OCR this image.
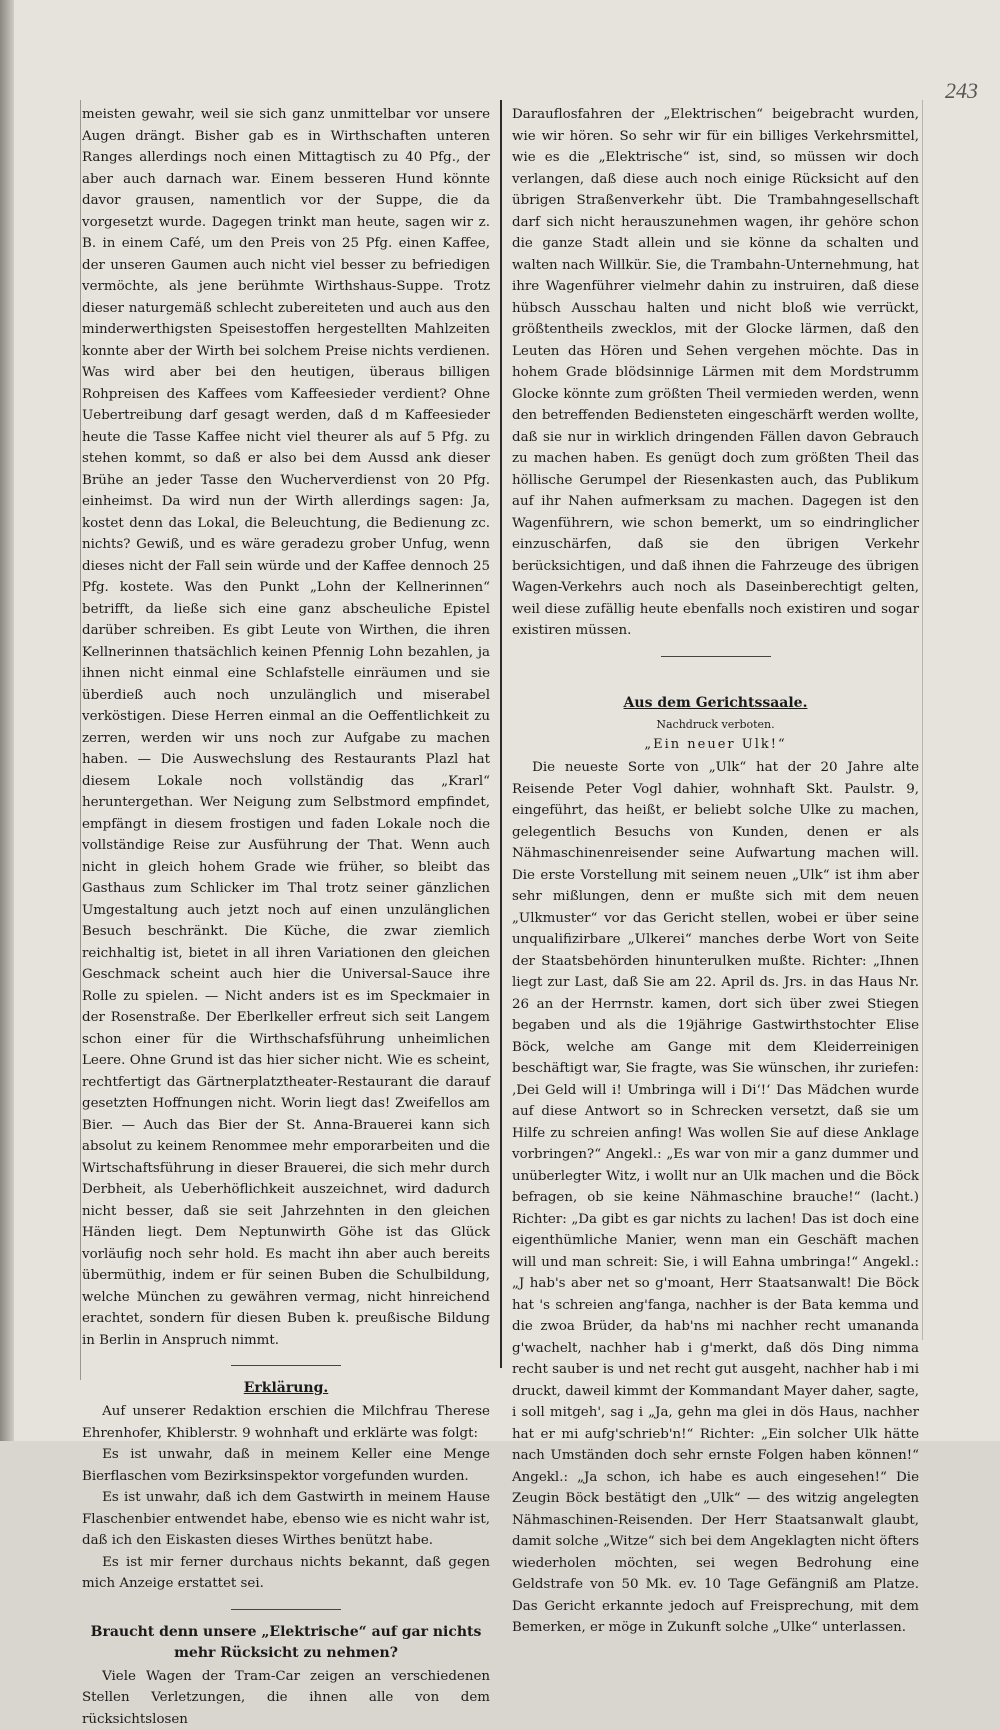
243

meisten gewahr, weil sie sich ganz unmittelbar vor unsere Augen drängt. Bisher gab es in Wirthschaften unteren Ranges allerdings noch einen Mittagtisch zu 40 Pfg., der aber auch darnach war. Einem besseren Hund könnte davor grausen, namentlich vor der Suppe, die da vorgesetzt wurde. Dagegen trinkt man heute, sagen wir z. B. in einem Café, um den Preis von 25 Pfg. einen Kaffee, der unseren Gaumen auch nicht viel besser zu befriedigen vermöchte, als jene berühmte Wirthshaus-Suppe. Trotz dieser naturgemäß schlecht zubereiteten und auch aus den minderwerthigsten Speisestoffen hergestellten Mahlzeiten konnte aber der Wirth bei solchem Preise nichts verdienen. Was wird aber bei den heutigen, überaus billigen Rohpreisen des Kaffees vom Kaffeesieder verdient? Ohne Uebertreibung darf gesagt werden, daß d m Kaffeesieder heute die Tasse Kaffee nicht viel theurer als auf 5 Pfg. zu stehen kommt, so daß er also bei dem Aussd ank dieser Brühe an jeder Tasse den Wucherverdienst von 20 Pfg. einheimst. Da wird nun der Wirth allerdings sagen: Ja, kostet denn das Lokal, die Beleuchtung, die Bedienung zc. nichts? Gewiß, und es wäre geradezu grober Unfug, wenn dieses nicht der Fall sein würde und der Kaffee dennoch 25 Pfg. kostete. Was den Punkt „Lohn der Kellnerinnen“ betrifft, da ließe sich eine ganz abscheuliche Epistel darüber schreiben. Es gibt Leute von Wirthen, die ihren Kellnerinnen thatsächlich keinen Pfennig Lohn bezahlen, ja ihnen nicht einmal eine Schlafstelle einräumen und sie überdieß auch noch unzulänglich und miserabel verköstigen. Diese Herren einmal an die Oeffentlichkeit zu zerren, werden wir uns noch zur Aufgabe zu machen haben. — Die Auswechslung des Restaurants Plazl hat diesem Lokale noch vollständig das „Krarl“ heruntergethan. Wer Neigung zum Selbstmord empfindet, empfängt in diesem frostigen und faden Lokale noch die vollständige Reise zur Ausführung der That. Wenn auch nicht in gleich hohem Grade wie früher, so bleibt das Gasthaus zum Schlicker im Thal trotz seiner gänzlichen Umgestaltung auch jetzt noch auf einen unzulänglichen Besuch beschränkt. Die Küche, die zwar ziemlich reichhaltig ist, bietet in all ihren Variationen den gleichen Geschmack scheint auch hier die Universal-Sauce ihre Rolle zu spielen. — Nicht anders ist es im Speckmaier in der Rosenstraße. Der Eberlkeller erfreut sich seit Langem schon einer für die Wirthschafsführung unheimlichen Leere. Ohne Grund ist das hier sicher nicht. Wie es scheint, rechtfertigt das Gärtnerplatztheater-Restaurant die darauf gesetzten Hoffnungen nicht. Worin liegt das! Zweifellos am Bier. — Auch das Bier der St. Anna-Brauerei kann sich absolut zu keinem Renommee mehr emporarbeiten und die Wirtschaftsführung in dieser Brauerei, die sich mehr durch Derbheit, als Ueberhöflichkeit auszeichnet, wird dadurch nicht besser, daß sie seit Jahrzehnten in den gleichen Händen liegt. Dem Neptunwirth Göhe ist das Glück vorläufig noch sehr hold. Es macht ihn aber auch bereits übermüthig, indem er für seinen Buben die Schulbildung, welche München zu gewähren vermag, nicht hinreichend erachtet, sondern für diesen Buben k. preußische Bildung in Berlin in Anspruch nimmt.

Erklärung.

Auf unserer Redaktion erschien die Milchfrau Therese Ehrenhofer, Khiblerstr. 9 wohnhaft und erklärte was folgt:

Es ist unwahr, daß in meinem Keller eine Menge Bierflaschen vom Bezirksinspektor vorgefunden wurden.

Es ist unwahr, daß ich dem Gastwirth in meinem Hause Flaschenbier entwendet habe, ebenso wie es nicht wahr ist, daß ich den Eiskasten dieses Wirthes benützt habe.

Es ist mir ferner durchaus nichts bekannt, daß gegen mich Anzeige erstattet sei.

Braucht denn unsere „Elektrische“ auf gar nichts mehr Rücksicht zu nehmen?

Viele Wagen der Tram-Car zeigen an verschiedenen Stellen Verletzungen, die ihnen alle von dem rücksichtslosen

Darauflosfahren der „Elektrischen“ beigebracht wurden, wie wir hören. So sehr wir für ein billiges Verkehrsmittel, wie es die „Elektrische“ ist, sind, so müssen wir doch verlangen, daß diese auch noch einige Rücksicht auf den übrigen Straßenverkehr übt. Die Trambahngesellschaft darf sich nicht herauszunehmen wagen, ihr gehöre schon die ganze Stadt allein und sie könne da schalten und walten nach Willkür. Sie, die Trambahn-Unternehmung, hat ihre Wagenführer vielmehr dahin zu instruiren, daß diese hübsch Ausschau halten und nicht bloß wie verrückt, größtentheils zwecklos, mit der Glocke lärmen, daß den Leuten das Hören und Sehen vergehen möchte. Das in hohem Grade blödsinnige Lärmen mit dem Mordstrumm Glocke könnte zum größten Theil vermieden werden, wenn den betreffenden Bediensteten eingeschärft werden wollte, daß sie nur in wirklich dringenden Fällen davon Gebrauch zu machen haben. Es genügt doch zum größten Theil das höllische Gerumpel der Riesenkasten auch, das Publikum auf ihr Nahen aufmerksam zu machen. Dagegen ist den Wagenführern, wie schon bemerkt, um so eindringlicher einzuschärfen, daß sie den übrigen Verkehr berücksichtigen, und daß ihnen die Fahrzeuge des übrigen Wagen-Verkehrs auch noch als Daseinberechtigt gelten, weil diese zufällig heute ebenfalls noch existiren und sogar existiren müssen.

Aus dem Gerichtssaale.
Nachdruck verboten.
„Ein neuer Ulk!“

Die neueste Sorte von „Ulk“ hat der 20 Jahre alte Reisende Peter Vogl dahier, wohnhaft Skt. Paulstr. 9, eingeführt, das heißt, er beliebt solche Ulke zu machen, gelegentlich Besuchs von Kunden, denen er als Nähmaschinenreisender seine Aufwartung machen will. Die erste Vorstellung mit seinem neuen „Ulk“ ist ihm aber sehr mißlungen, denn er mußte sich mit dem neuen „Ulkmuster“ vor das Gericht stellen, wobei er über seine unqualifizirbare „Ulkerei“ manches derbe Wort von Seite der Staatsbehörden hinunterulken mußte. Richter: „Ihnen liegt zur Last, daß Sie am 22. April ds. Jrs. in das Haus Nr. 26 an der Herrnstr. kamen, dort sich über zwei Stiegen begaben und als die 19jährige Gastwirthstochter Elise Böck, welche am Gange mit dem Kleiderreinigen beschäftigt war, Sie fragte, was Sie wünschen, ihr zuriefen: ‚Dei Geld will i! Umbringa will i Di‘!‘ Das Mädchen wurde auf diese Antwort so in Schrecken versetzt, daß sie um Hilfe zu schreien anfing! Was wollen Sie auf diese Anklage vorbringen?“ Angekl.: „Es war von mir a ganz dummer und unüberlegter Witz, i wollt nur an Ulk machen und die Böck befragen, ob sie keine Nähmaschine brauche!“ (lacht.) Richter: „Da gibt es gar nichts zu lachen! Das ist doch eine eigenthümliche Manier, wenn man ein Geschäft machen will und man schreit: Sie, i will Eahna umbringa!“ Angekl.: „J hab's aber net so g'moant, Herr Staatsanwalt! Die Böck hat 's schreien ang'fanga, nachher is der Bata kemma und die zwoa Brüder, da hab'ns mi nachher recht umananda g'wachelt, nachher hab i g'merkt, daß dös Ding nimma recht sauber is und net recht gut ausgeht, nachher hab i mi druckt, daweil kimmt der Kommandant Mayer daher, sagte, i soll mitgeh', sag i „Ja, gehn ma glei in dös Haus, nachher hat er mi aufg'schrieb'n!“ Richter: „Ein solcher Ulk hätte nach Umständen doch sehr ernste Folgen haben können!“ Angekl.: „Ja schon, ich habe es auch eingesehen!“ Die Zeugin Böck bestätigt den „Ulk“ — des witzig angelegten Nähmaschinen-Reisenden. Der Herr Staatsanwalt glaubt, damit solche „Witze“ sich bei dem Angeklagten nicht öfters wiederholen möchten, sei wegen Bedrohung eine Geldstrafe von 50 Mk. ev. 10 Tage Gefängniß am Platze. Das Gericht erkannte jedoch auf Freisprechung, mit dem Bemerken, er möge in Zukunft solche „Ulke“ unterlassen.
